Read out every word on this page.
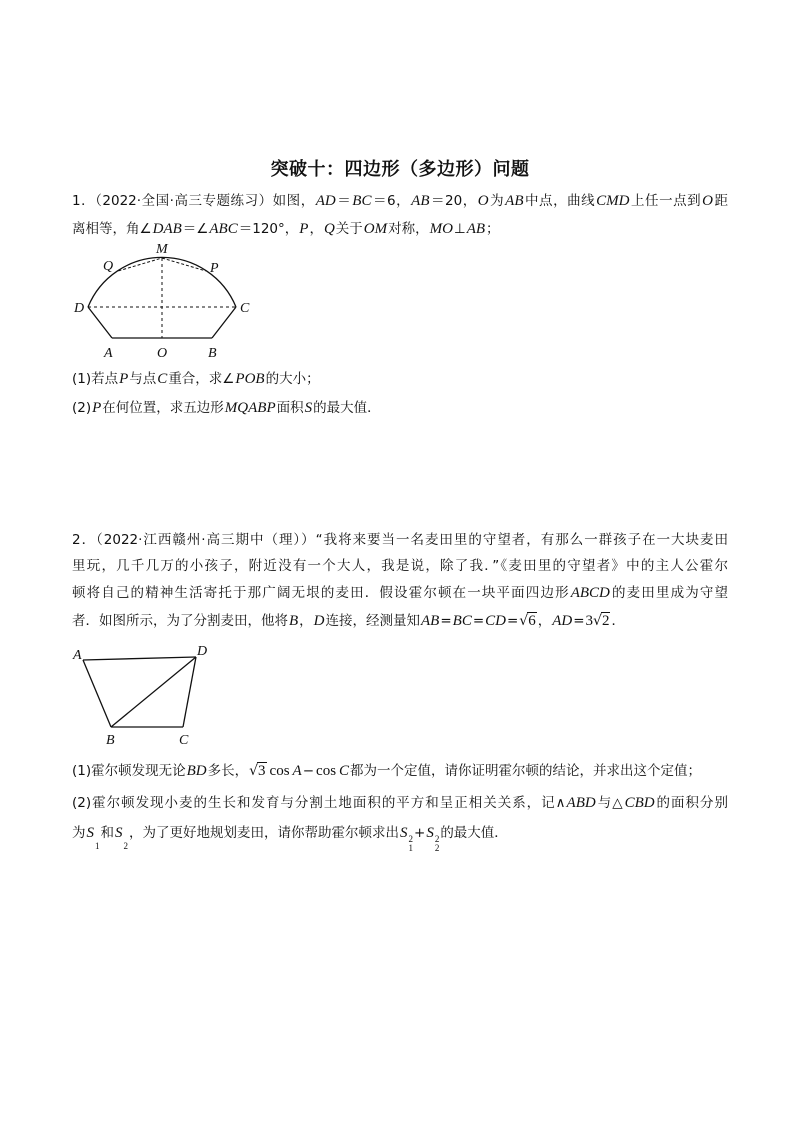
突破十：四边形（多边形）问题
1．（2022·全国·高三专题练习）如图，AD＝BC＝6，AB＝20，O为AB中点，曲线CMD上任一点到O距
离相等，角∠DAB＝∠ABC＝120°，P，Q关于OM对称，MO⊥AB；
M
Q	P
D	C
A	O	B
(1)若点P与点C重合，求∠POB的大小；
(2)P在何位置，求五边形MQABP面积S的最大值．
2．（2022·江西赣州·高三期中（理））“我将来要当一名麦田里的守望者，有那么一群孩子在一大块麦田
里玩，几千几万的小孩子，附近没有一个大人，我是说，除了我．”《麦田里的守望者》中的主人公霍尔
顿将自己的精神生活寄托于那广阔无垠的麦田．假设霍尔顿在一块平面四边形ABCD的麦田里成为守望
者．如图所示，为了分割麦田，他将B，D连接，经测量知AB=BC=CD=√6 ，AD=3√2 ．
A	D
B	C
(1)霍尔顿发现无论BD多长，√3 cos A− cos C都为一个定值，请你证明霍尔顿的结论，并求出这个定值；
(2)霍尔顿发现小麦的生长和发育与分割土地面积的平方和呈正相关关系，记∧ABD与△CBD的面积分别
为S
1
和S
2
，为了更好地规划麦田，请你帮助霍尔顿求出S 2
1
+S 2
2
的最大值．
